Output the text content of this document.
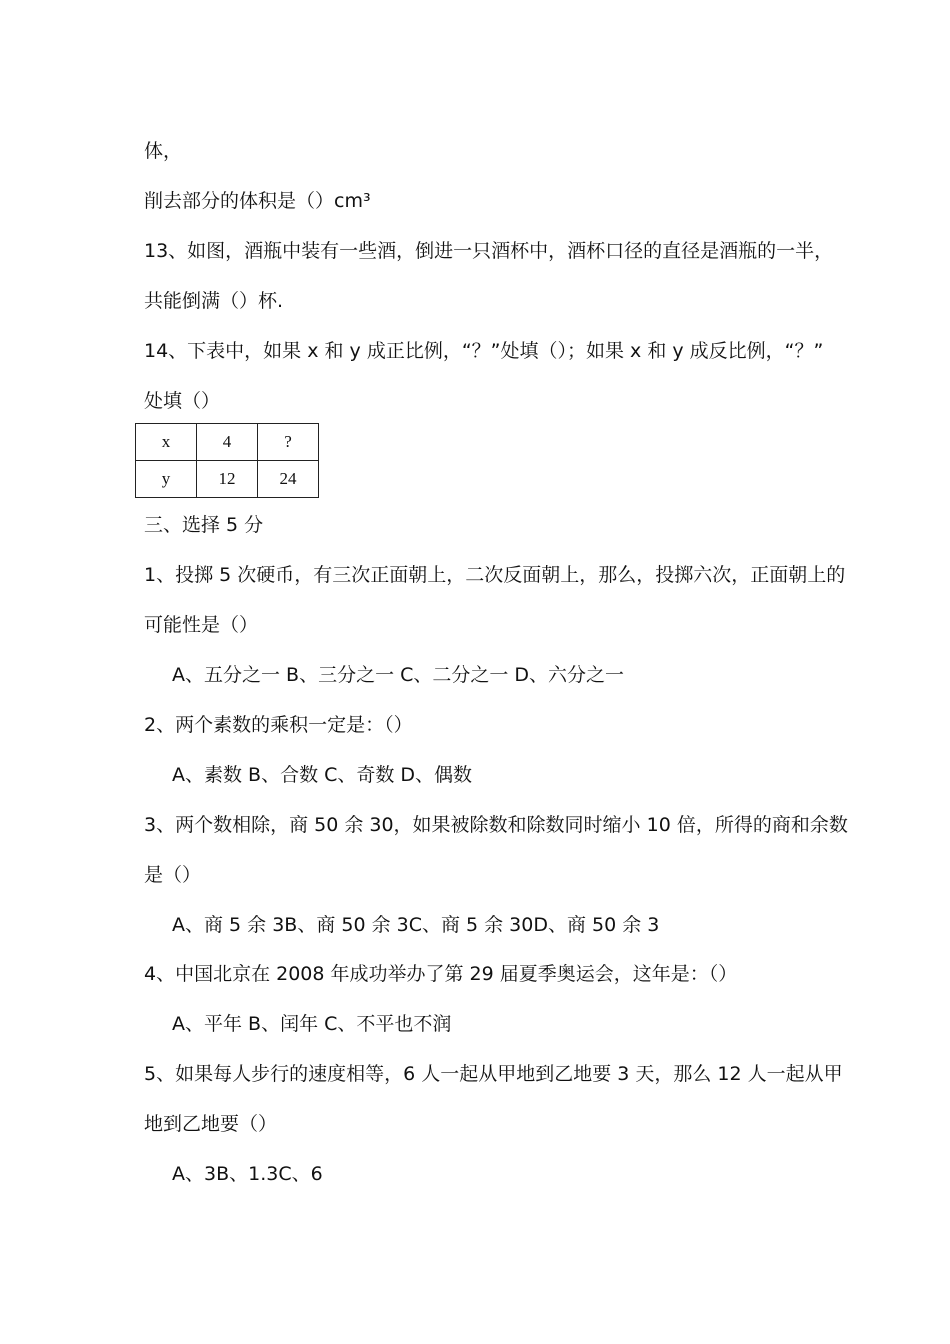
体，
削去部分的体积是（）cm³
13、如图，酒瓶中装有一些酒，倒进一只酒杯中，酒杯口径的直径是酒瓶的一半，
共能倒满（）杯.
14、下表中，如果 x 和 y 成正比例，“？”处填（）；如果 x 和 y 成反比例，“？”
处填（）
x	4	?
y	12	24
三、选择 5 分
1、投掷 5 次硬币，有三次正面朝上，二次反面朝上，那么，投掷六次，正面朝上的
可能性是（）
A、五分之一 B、三分之一 C、二分之一 D、六分之一
2、两个素数的乘积一定是：（）
A、素数 B、合数 C、奇数 D、偶数
3、两个数相除，商 50 余 30，如果被除数和除数同时缩小 10 倍，所得的商和余数
是（）
A、商 5 余 3B、商 50 余 3C、商 5 余 30D、商 50 余 3
4、中国北京在 2008 年成功举办了第 29 届夏季奥运会，这年是：（）
A、平年 B、闰年 C、不平也不润
5、如果每人步行的速度相等，6 人一起从甲地到乙地要 3 天，那么 12 人一起从甲
地到乙地要（）
A、3B、1.3C、6
